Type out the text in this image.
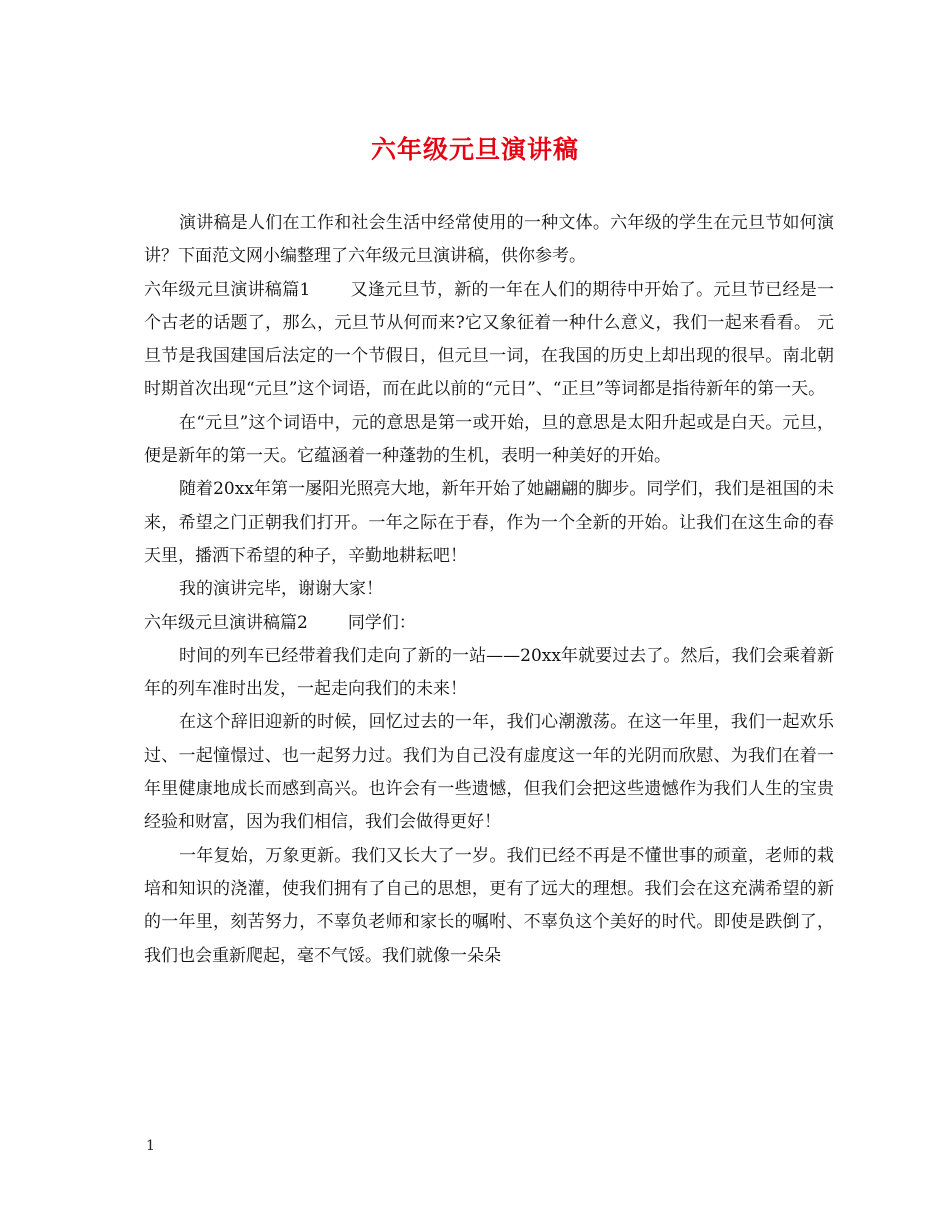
六年级元旦演讲稿

演讲稿是人们在工作和社会生活中经常使用的一种文体。六年级的学生在元旦节如何演讲？下面范文网小编整理了六年级元旦演讲稿，供你参考。

六年级元旦演讲稿篇1 又逢元旦节，新的一年在人们的期待中开始了。元旦节已经是一个古老的话题了，那么，元旦节从何而来?它又象征着一种什么意义，我们一起来看看。 元旦节是我国建国后法定的一个节假日，但元旦一词，在我国的历史上却出现的很早。南北朝时期首次出现“元旦”这个词语，而在此以前的“元日”、“正旦”等词都是指待新年的第一天。

在“元旦”这个词语中，元的意思是第一或开始，旦的意思是太阳升起或是白天。元旦，便是新年的第一天。它蕴涵着一种蓬勃的生机，表明一种美好的开始。

随着20xx年第一屡阳光照亮大地，新年开始了她翩翩的脚步。同学们，我们是祖国的未来，希望之门正朝我们打开。一年之际在于春，作为一个全新的开始。让我们在这生命的春天里，播洒下希望的种子，辛勤地耕耘吧！

我的演讲完毕，谢谢大家！

六年级元旦演讲稿篇2 同学们：

时间的列车已经带着我们走向了新的一站——20xx年就要过去了。然后，我们会乘着新年的列车准时出发，一起走向我们的未来！

在这个辞旧迎新的时候，回忆过去的一年，我们心潮激荡。在这一年里，我们一起欢乐过、一起憧憬过、也一起努力过。我们为自己没有虚度这一年的光阴而欣慰、为我们在着一年里健康地成长而感到高兴。也许会有一些遗憾，但我们会把这些遗憾作为我们人生的宝贵经验和财富，因为我们相信，我们会做得更好！

一年复始，万象更新。我们又长大了一岁。我们已经不再是不懂世事的顽童，老师的栽培和知识的浇灌，使我们拥有了自己的思想，更有了远大的理想。我们会在这充满希望的新的一年里，刻苦努力，不辜负老师和家长的嘱咐、不辜负这个美好的时代。即使是跌倒了，我们也会重新爬起，毫不气馁。我们就像一朵朵

1
